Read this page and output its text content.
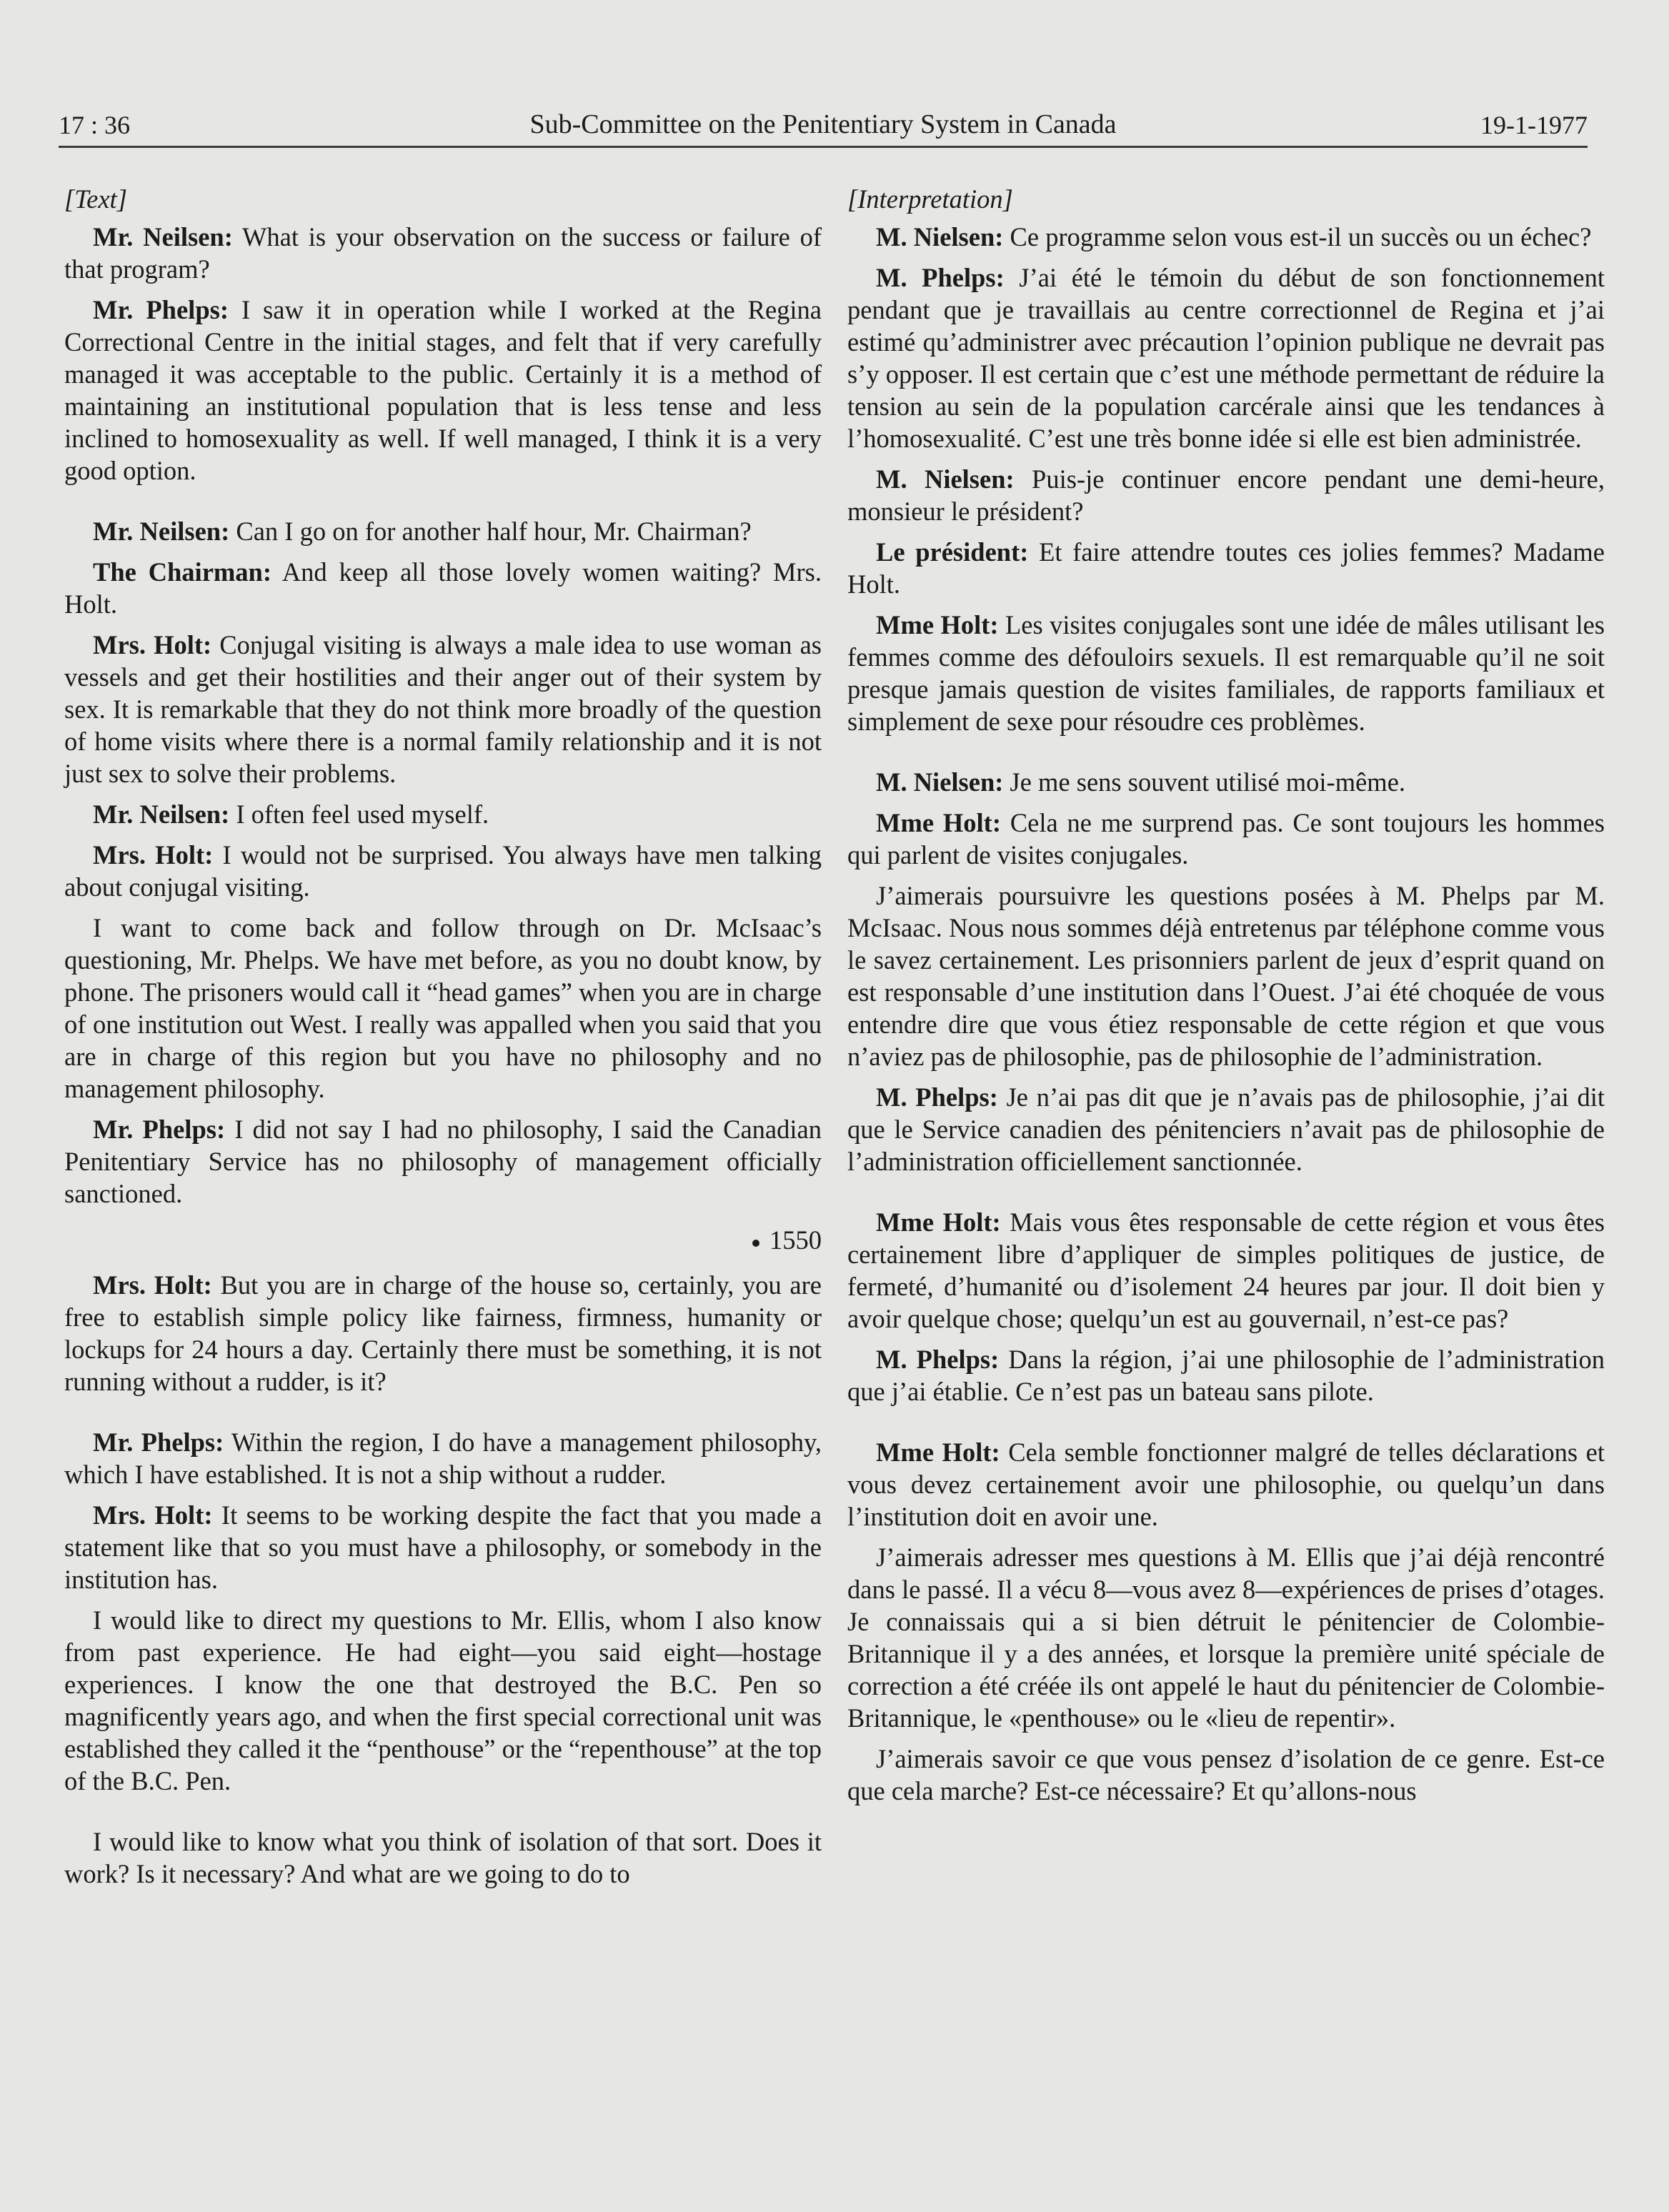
17 : 36	Sub-Committee on the Penitentiary System in Canada	19-1-1977

[Text]

Mr. Neilsen: What is your observation on the success or failure of that program?

Mr. Phelps: I saw it in operation while I worked at the Regina Correctional Centre in the initial stages, and felt that if very carefully managed it was acceptable to the public. Certainly it is a method of maintaining an institutional population that is less tense and less inclined to homosexuality as well. If well managed, I think it is a very good option.

Mr. Neilsen: Can I go on for another half hour, Mr. Chairman?

The Chairman: And keep all those lovely women waiting? Mrs. Holt.

Mrs. Holt: Conjugal visiting is always a male idea to use woman as vessels and get their hostilities and their anger out of their system by sex. It is remarkable that they do not think more broadly of the question of home visits where there is a normal family relationship and it is not just sex to solve their problems.

Mr. Neilsen: I often feel used myself.

Mrs. Holt: I would not be surprised. You always have men talking about conjugal visiting.

I want to come back and follow through on Dr. McIsaac’s questioning, Mr. Phelps. We have met before, as you no doubt know, by phone. The prisoners would call it “head games” when you are in charge of one institution out West. I really was appalled when you said that you are in charge of this region but you have no philosophy and no management philosophy.

Mr. Phelps: I did not say I had no philosophy, I said the Canadian Penitentiary Service has no philosophy of management officially sanctioned.

1550

Mrs. Holt: But you are in charge of the house so, certainly, you are free to establish simple policy like fairness, firmness, humanity or lockups for 24 hours a day. Certainly there must be something, it is not running without a rudder, is it?

Mr. Phelps: Within the region, I do have a management philosophy, which I have established. It is not a ship without a rudder.

Mrs. Holt: It seems to be working despite the fact that you made a statement like that so you must have a philosophy, or somebody in the institution has.

I would like to direct my questions to Mr. Ellis, whom I also know from past experience. He had eight—you said eight—hostage experiences. I know the one that destroyed the B.C. Pen so magnificently years ago, and when the first special correctional unit was established they called it the “penthouse” or the “repenthouse” at the top of the B.C. Pen.

I would like to know what you think of isolation of that sort. Does it work? Is it necessary? And what are we going to do to

[Interpretation]

M. Nielsen: Ce programme selon vous est-il un succès ou un échec?

M. Phelps: J’ai été le témoin du début de son fonctionnement pendant que je travaillais au centre correctionnel de Regina et j’ai estimé qu’administrer avec précaution l’opinion publique ne devrait pas s’y opposer. Il est certain que c’est une méthode permettant de réduire la tension au sein de la population carcérale ainsi que les tendances à l’homosexualité. C’est une très bonne idée si elle est bien administrée.

M. Nielsen: Puis-je continuer encore pendant une demi-heure, monsieur le président?

Le président: Et faire attendre toutes ces jolies femmes? Madame Holt.

Mme Holt: Les visites conjugales sont une idée de mâles utilisant les femmes comme des défouloirs sexuels. Il est remarquable qu’il ne soit presque jamais question de visites familiales, de rapports familiaux et simplement de sexe pour résoudre ces problèmes.

M. Nielsen: Je me sens souvent utilisé moi-même.

Mme Holt: Cela ne me surprend pas. Ce sont toujours les hommes qui parlent de visites conjugales.

J’aimerais poursuivre les questions posées à M. Phelps par M. McIsaac. Nous nous sommes déjà entretenus par téléphone comme vous le savez certainement. Les prisonniers parlent de jeux d’esprit quand on est responsable d’une institution dans l’Ouest. J’ai été choquée de vous entendre dire que vous étiez responsable de cette région et que vous n’aviez pas de philosophie, pas de philosophie de l’administration.

M. Phelps: Je n’ai pas dit que je n’avais pas de philosophie, j’ai dit que le Service canadien des pénitenciers n’avait pas de philosophie de l’administration officiellement sanctionnée.

Mme Holt: Mais vous êtes responsable de cette région et vous êtes certainement libre d’appliquer de simples politiques de justice, de fermeté, d’humanité ou d’isolement 24 heures par jour. Il doit bien y avoir quelque chose; quelqu’un est au gouvernail, n’est-ce pas?

M. Phelps: Dans la région, j’ai une philosophie de l’administration que j’ai établie. Ce n’est pas un bateau sans pilote.

Mme Holt: Cela semble fonctionner malgré de telles déclarations et vous devez certainement avoir une philosophie, ou quelqu’un dans l’institution doit en avoir une.

J’aimerais adresser mes questions à M. Ellis que j’ai déjà rencontré dans le passé. Il a vécu 8—vous avez 8—expériences de prises d’otages. Je connaissais qui a si bien détruit le pénitencier de Colombie-Britannique il y a des années, et lorsque la première unité spéciale de correction a été créée ils ont appelé le haut du pénitencier de Colombie-Britannique, le «penthouse» ou le «lieu de repentir».

J’aimerais savoir ce que vous pensez d’isolation de ce genre. Est-ce que cela marche? Est-ce nécessaire? Et qu’allons-nous
